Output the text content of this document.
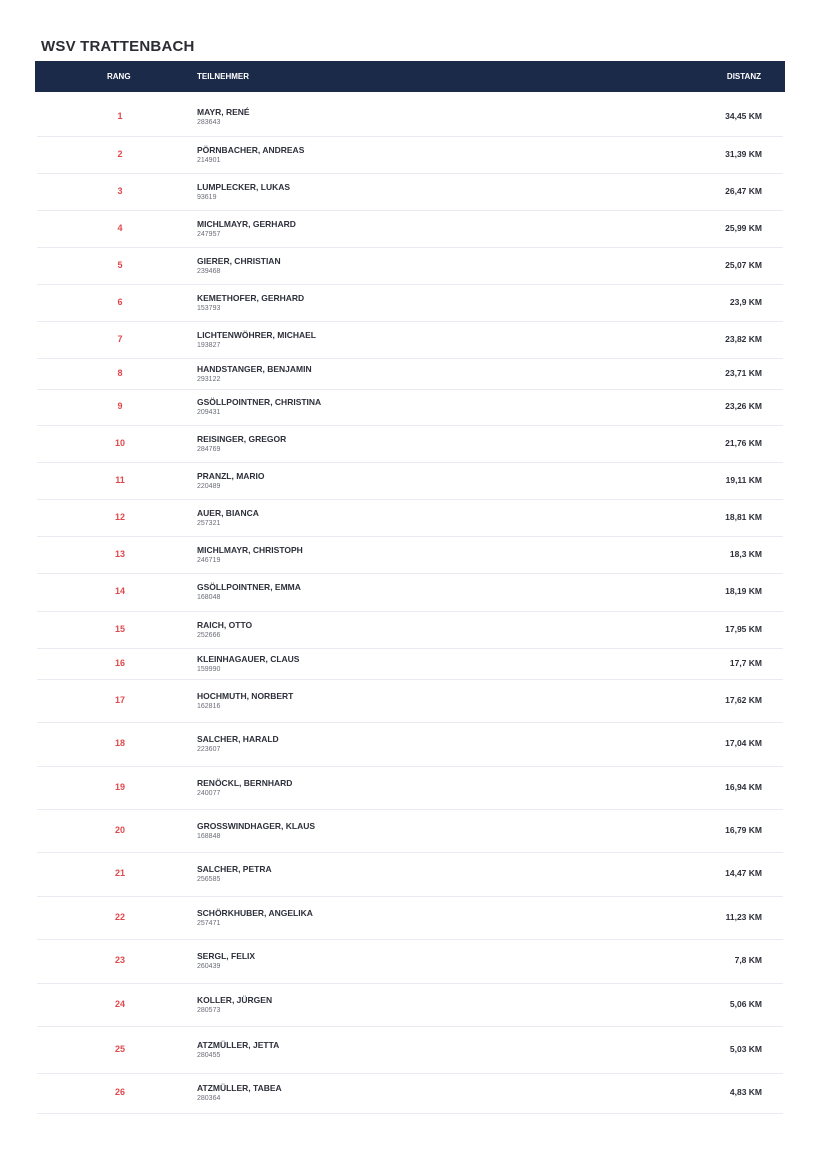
WSV TRATTENBACH
RANG	TEILNEHMER	DISTANZ
1	MAYR, RENÉ
283643
34,45 KM
2	PÖRNBACHER, ANDREAS
214901
31,39 KM
3	LUMPLECKER, LUKAS
93619
26,47 KM
4	MICHLMAYR, GERHARD
247957
25,99 KM
5	GIERER, CHRISTIAN
239468
25,07 KM
6	KEMETHOFER, GERHARD
153793
23,9 KM
7	LICHTENWÖHRER, MICHAEL
193827
23,82 KM
8	HANDSTANGER, BENJAMIN
293122
23,71 KM
9	GSÖLLPOINTNER, CHRISTINA
209431
23,26 KM
10	REISINGER, GREGOR
284769
21,76 KM
11	PRANZL, MARIO
220489
19,11 KM
12	AUER, BIANCA
257321
18,81 KM
13	MICHLMAYR, CHRISTOPH
246719
18,3 KM
14	GSÖLLPOINTNER, EMMA
168048
18,19 KM
15	RAICH, OTTO
252666
17,95 KM
16	KLEINHAGAUER, CLAUS
159990
17,7 KM
17	HOCHMUTH, NORBERT
162816
17,62 KM
18	SALCHER, HARALD
223607
17,04 KM
19	RENÖCKL, BERNHARD
240077
16,94 KM
20	GROSSWINDHAGER, KLAUS
168848
16,79 KM
21	SALCHER, PETRA
256585
14,47 KM
22	SCHÖRKHUBER, ANGELIKA
257471
11,23 KM
23	SERGL, FELIX
260439
7,8 KM
24	KOLLER, JÜRGEN
280573
5,06 KM
25	ATZMÜLLER, JETTA
280455
5,03 KM
26	ATZMÜLLER, TABEA
280364
4,83 KM
